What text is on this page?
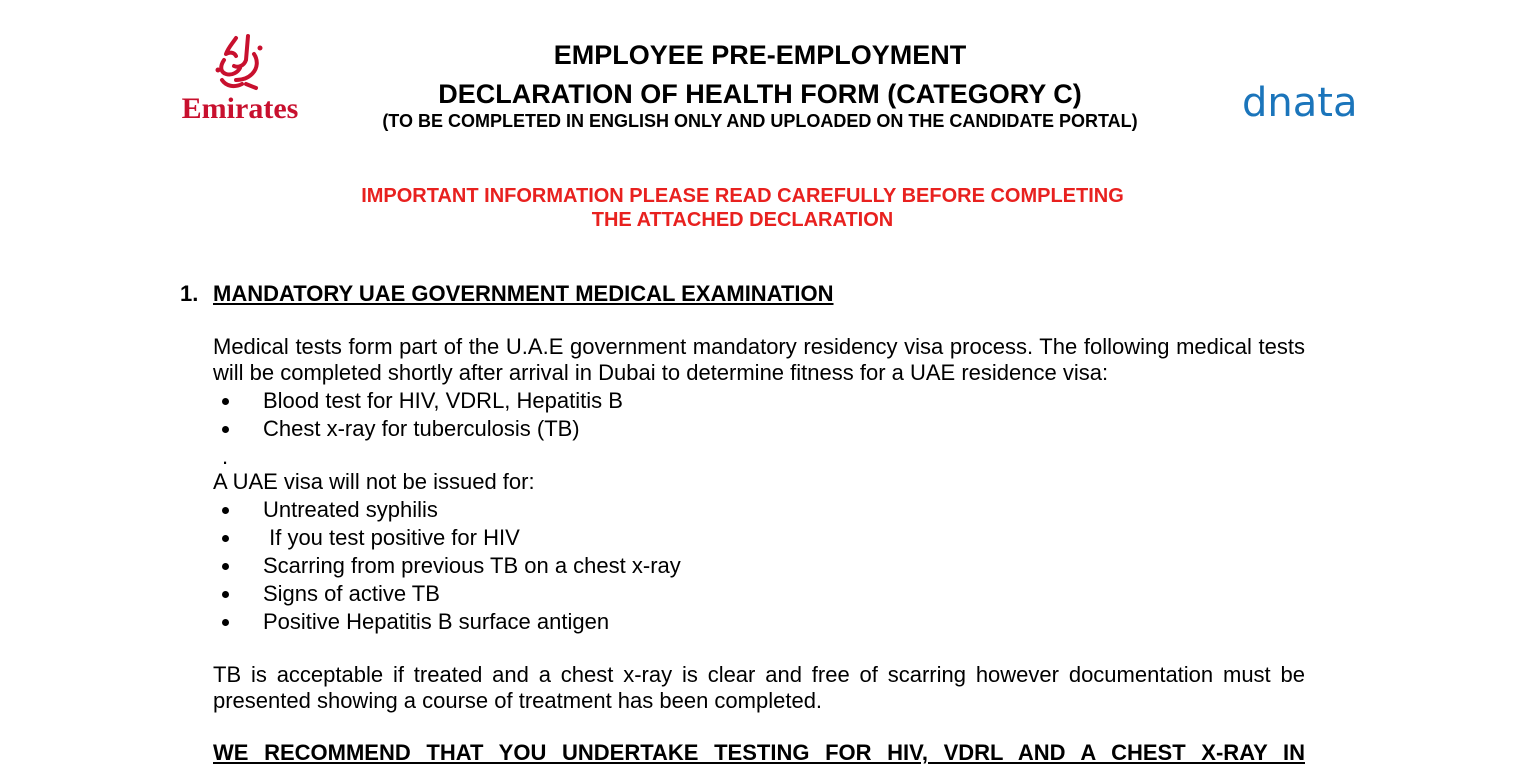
Emirates	dnata
EMPLOYEE PRE-EMPLOYMENT
DECLARATION OF HEALTH FORM (CATEGORY C)
(TO BE COMPLETED IN ENGLISH ONLY AND UPLOADED ON THE CANDIDATE PORTAL)
IMPORTANT INFORMATION PLEASE READ CAREFULLY BEFORE COMPLETING
THE ATTACHED DECLARATION
1. MANDATORY UAE GOVERNMENT MEDICAL EXAMINATION
Medical tests form part of the U.A.E government mandatory residency visa process. The following medical tests will be completed shortly after arrival in Dubai to determine fitness for a UAE residence visa:
Blood test for HIV, VDRL, Hepatitis B
Chest x-ray for tuberculosis (TB)
.
A UAE visa will not be issued for:
Untreated syphilis
If you test positive for HIV
Scarring from previous TB on a chest x-ray
Signs of active TB
Positive Hepatitis B surface antigen
TB is acceptable if treated and a chest x-ray is clear and free of scarring however documentation must be presented showing a course of treatment has been completed.
WE RECOMMEND THAT YOU UNDERTAKE TESTING FOR HIV, VDRL AND A CHEST X-RAY IN
